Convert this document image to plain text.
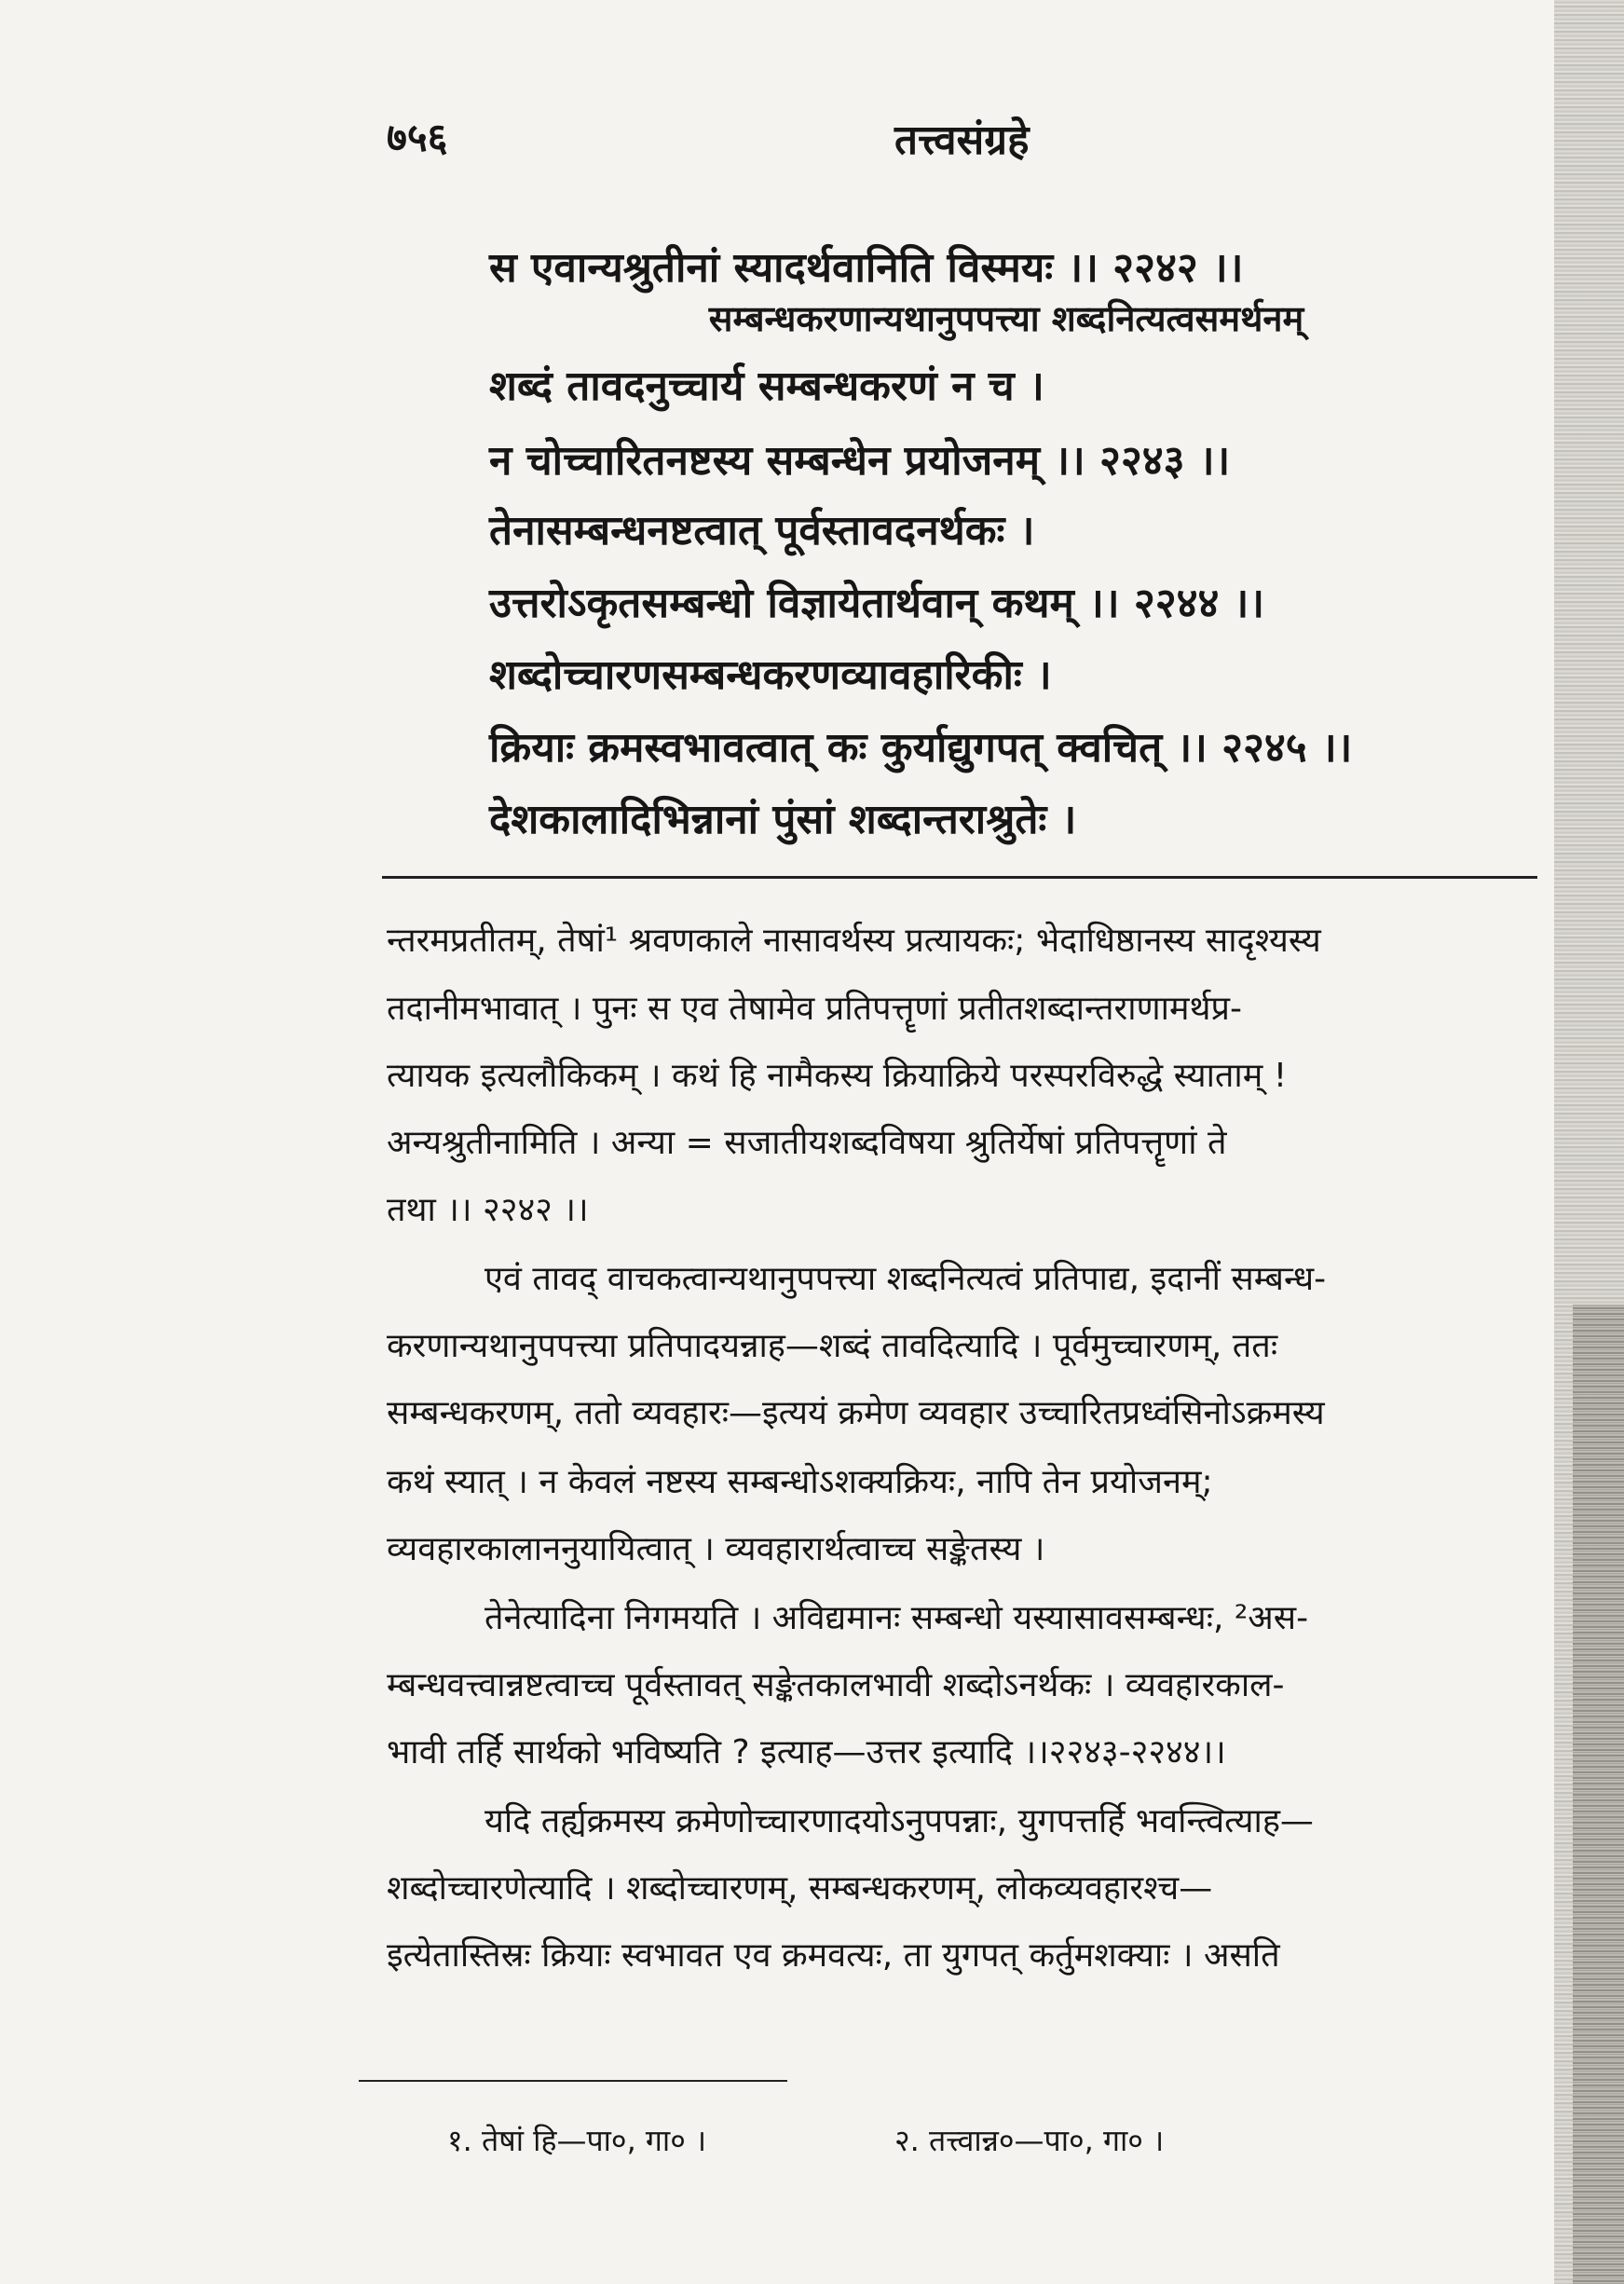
७५६	तत्त्वसंग्रहे
स एवान्यश्रुतीनां स्यादर्थवानिति विस्मयः ।। २२४२ ।।
सम्बन्धकरणान्यथानुपपत्त्या शब्दनित्यत्वसमर्थनम्
शब्दं तावदनुच्चार्य सम्बन्धकरणं न च ।
न चोच्चारितनष्टस्य सम्बन्धेन प्रयोजनम् ।। २२४३ ।।
तेनासम्बन्धनष्टत्वात् पूर्वस्तावदनर्थकः ।
उत्तरोऽकृतसम्बन्धो विज्ञायेतार्थवान् कथम् ।। २२४४ ।।
शब्दोच्चारणसम्बन्धकरणव्यावहारिकीः ।
क्रियाः क्रमस्वभावत्वात् कः कुर्याद्युगपत् क्वचित् ।। २२४५ ।।
देशकालादिभिन्नानां पुंसां शब्दान्तराश्रुतेः ।
न्तरमप्रतीतम्, तेषां¹ श्रवणकाले नासावर्थस्य प्रत्यायकः; भेदाधिष्ठानस्य सादृश्यस्य
तदानीमभावात् । पुनः स एव तेषामेव प्रतिपत्तॄणां प्रतीतशब्दान्तराणामर्थप्र-
त्यायक इत्यलौकिकम् । कथं हि नामैकस्य क्रियाक्रिये परस्परविरुद्धे स्याताम् !
अन्यश्रुतीनामिति । अन्या = सजातीयशब्दविषया श्रुतिर्येषां प्रतिपत्तॄणां ते
तथा ।। २२४२ ।।
एवं तावद् वाचकत्वान्यथानुपपत्त्या शब्दनित्यत्वं प्रतिपाद्य, इदानीं सम्बन्ध-
करणान्यथानुपपत्त्या प्रतिपादयन्नाह—शब्दं तावदित्यादि । पूर्वमुच्चारणम्, ततः
सम्बन्धकरणम्, ततो व्यवहारः—इत्ययं क्रमेण व्यवहार उच्चारितप्रध्वंसिनोऽक्रमस्य
कथं स्यात् । न केवलं नष्टस्य सम्बन्धोऽशक्यक्रियः, नापि तेन प्रयोजनम्;
व्यवहारकालाननुयायित्वात् । व्यवहारार्थत्वाच्च सङ्केतस्य ।
तेनेत्यादिना निगमयति । अविद्यमानः सम्बन्धो यस्यासावसम्बन्धः, ²अस-
म्बन्धवत्त्वान्नष्टत्वाच्च पूर्वस्तावत् सङ्केतकालभावी शब्दोऽनर्थकः । व्यवहारकाल-
भावी तर्हि सार्थको भविष्यति ? इत्याह—उत्तर इत्यादि ।।२२४३-२२४४।।
यदि तर्ह्यक्रमस्य क्रमेणोच्चारणादयोऽनुपपन्नाः, युगपत्तर्हि भवन्त्वित्याह—
शब्दोच्चारणेत्यादि । शब्दोच्चारणम्, सम्बन्धकरणम्, लोकव्यवहारश्च—
इत्येतास्तिस्रः क्रियाः स्वभावत एव क्रमवत्यः, ता युगपत् कर्तुमशक्याः । असति
१. तेषां हि—पा०, गा० ।	२. तत्त्वान्न०—पा०, गा० ।
